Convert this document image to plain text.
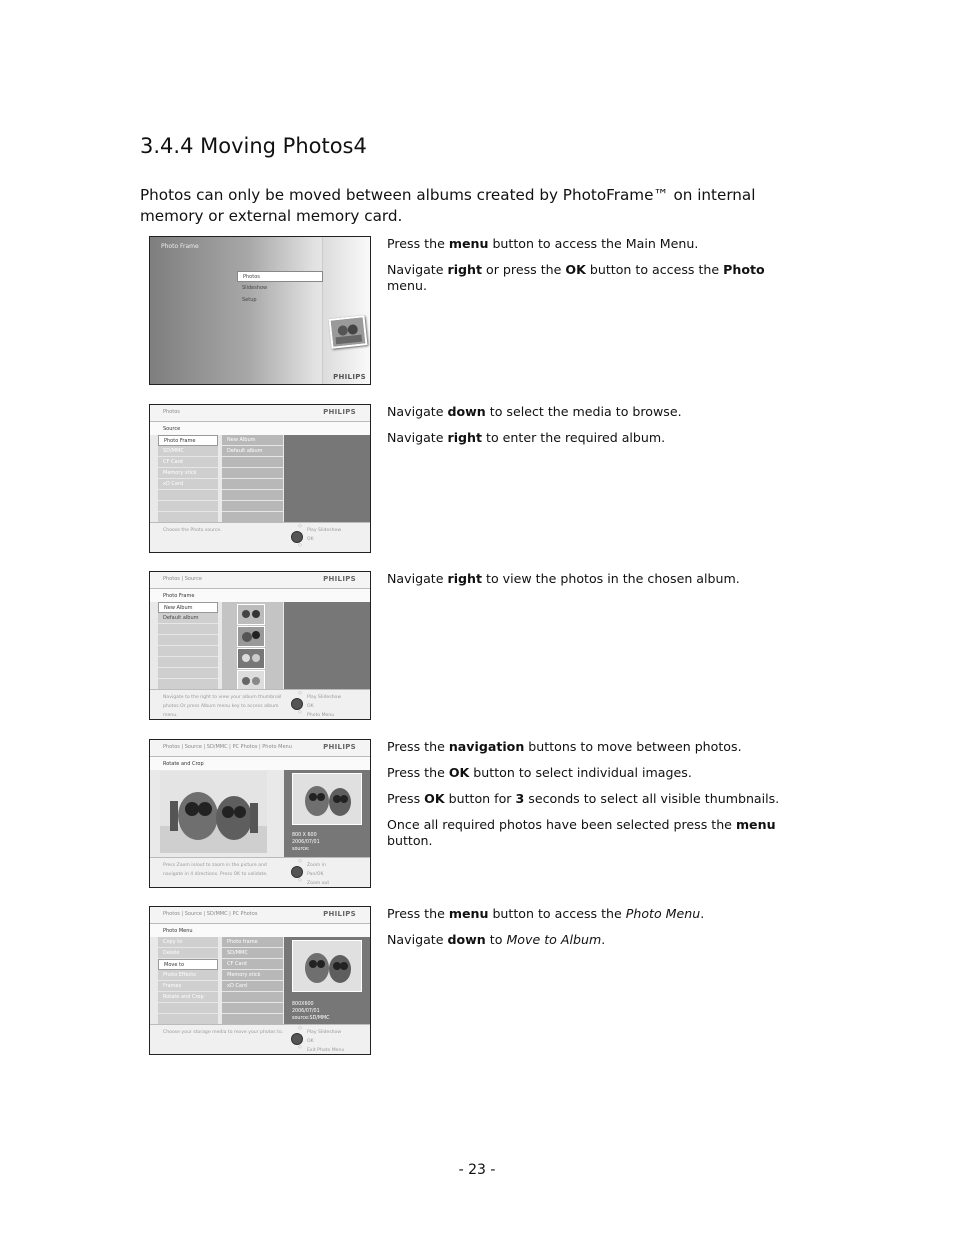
3.4.4 Moving Photos4

Photos can only be moved between albums created by PhotoFrame™ on internal memory or external memory card.

Photo Frame
Photos
Slideshow
Setup
PHILIPS

Press the menu button to access the Main Menu.

Navigate right or press the OK button to access the Photo menu.

Photos	PHILIPS
Source
Photo Frame
SD/MMC
CF Card
Memory stick
xD Card
New Album
Default album
Choose the Photo source.
◇
◇
Play Slideshow
OK

Navigate down to select the media to browse.

Navigate right to enter the required album.

Photos | Source	PHILIPS
Photo Frame
New Album
Default album
Navigate to the right to view your album thumbnail photos.Or press Album menu key to access album menu.
◇
◇
Play Slideshow
OK
Photo Menu

Navigate right to view the photos in the chosen album.

Photos | Source | SD/MMC | PC Photos | Photo Menu	PHILIPS
Rotate and Crop
800 X 600
2006/07/01
source:
Press Zoom in/out to zoom in the picture and navigate in 4 directions. Press OK to validate.
◇
◇
Zoom in
Pan/OK
Zoom out

Press the navigation buttons to move between photos.

Press the OK button to select individual images.

Press OK button for 3 seconds to select all visible thumbnails.

Once all required photos have been selected press the menu button.

Photos | Source | SD/MMC | PC Photos	PHILIPS
Photo Menu
Copy to
Delete
Move to
Photo Effects
Frames
Rotate and Crop
Photo frame
SD/MMC
CF Card
Memory stick
xD Card
800X600
2006/07/01
source:SD/MMC
Choose your storage media to move your photos to.
◇
◇
Play Slideshow
OK
Exit Photo Menu

Press the menu button to access the Photo Menu.

Navigate down to Move to Album.

- 23 -
